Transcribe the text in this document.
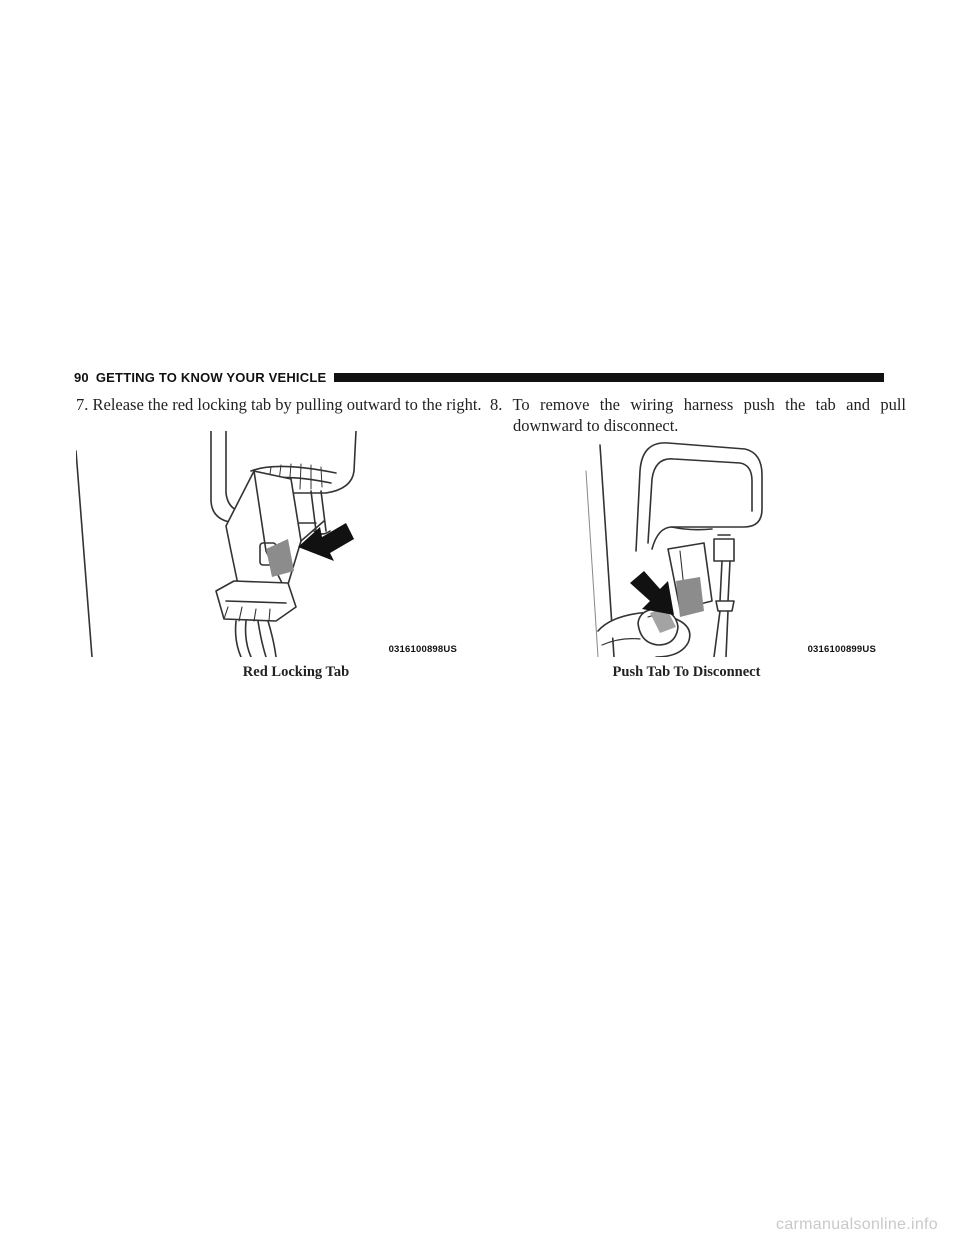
90 GETTING TO KNOW YOUR VEHICLE
7. Release the red locking tab by pulling outward to the right. 8. To remove the wiring harness push the tab and pull downward to disconnect.
0316100898US
Red Locking Tab
0316100899US
Push Tab To Disconnect
carmanualsonline.info
